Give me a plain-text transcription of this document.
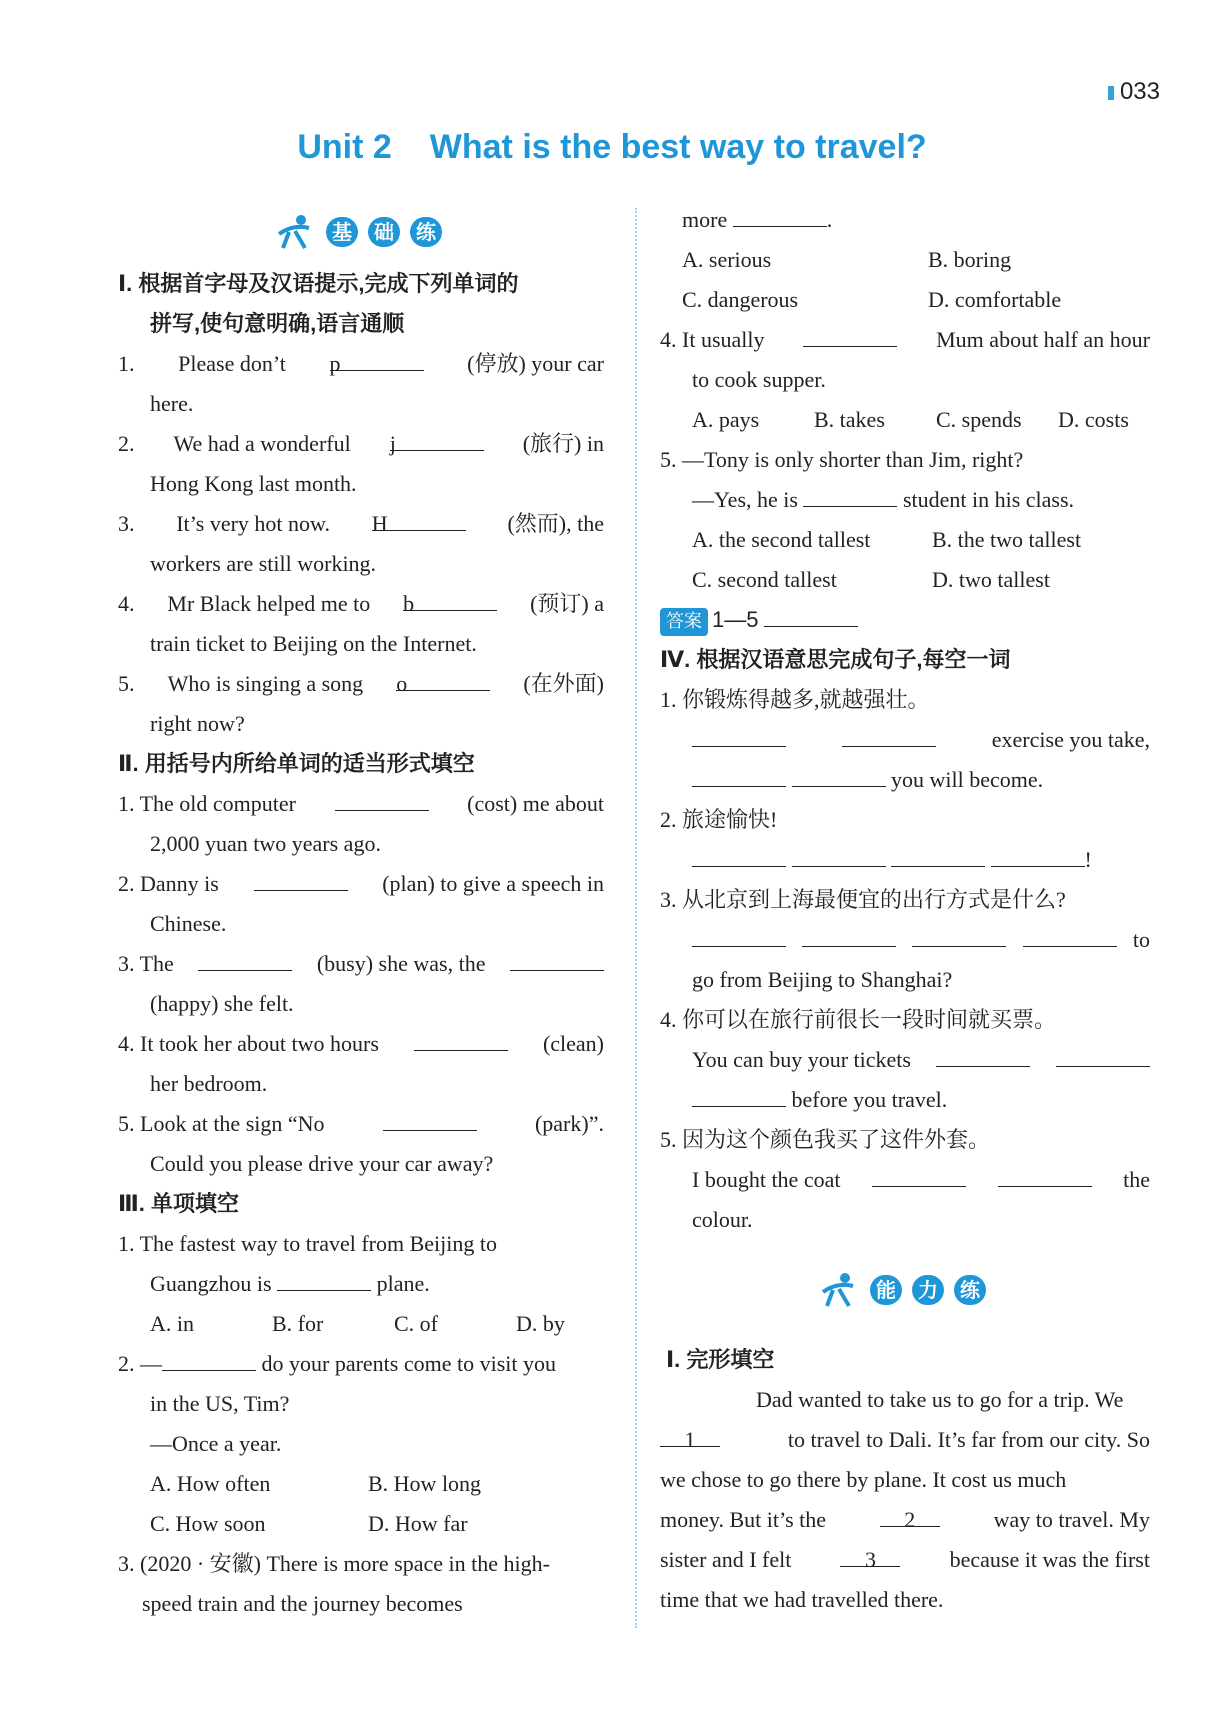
033
Unit 2 What is the best way to travel?
基	础	练
Ⅰ. 根据首字母及汉语提示,完成下列单词的
拼写,使句意明确,语言通顺
1. Please don’t p	(停放) your car
here.
2. We had a wonderful j	(旅行) in
Hong Kong last month.
3. It’s very hot now. H	(然而), the
workers are still working.
4. Mr Black helped me to b	(预订) a
train ticket to Beijing on the Internet.
5. Who is singing a song o	(在外面)
right now?
Ⅱ. 用括号内所给单词的适当形式填空
1. The old computer	(cost) me about
2,000 yuan two years ago.
2. Danny is	(plan) to give a speech in
Chinese.
3. The	(busy) she was, the
(happy) she felt.
4. It took her about two hours	(clean)
her bedroom.
5. Look at the sign “No	(park)”.
Could you please drive your car away?
Ⅲ. 单项填空
1. The fastest way to travel from Beijing to
Guangzhou is	plane.
A. in	B. for	C. of	D. by
2. —	do your parents come to visit you
in the US, Tim?
—Once a year.
A. How often	B. How long
C. How soon	D. How far
3. (2020 · 安徽) There is more space in the high-
speed train and the journey becomes
more	.
A. serious	B. boring
C. dangerous	D. comfortable
4. It usually	Mum about half an hour
to cook supper.
A. pays	B. takes	C. spends	D. costs
5. —Tony is only shorter than Jim, right?
—Yes, he is	student in his class.
A. the second tallest	B. the two tallest
C. second tallest	D. two tallest
答案 1—5
Ⅳ. 根据汉语意思完成句子,每空一词
1. 你锻炼得越多,就越强壮。
exercise you take,
you will become.
2. 旅途愉快!
!
3. 从北京到上海最便宜的出行方式是什么?
to
go from Beijing to Shanghai?
4. 你可以在旅行前很长一段时间就买票。
You can buy your tickets
before you travel.
5. 因为这个颜色我买了这件外套。
I bought the coat	the
colour.
能	力	练
Ⅰ. 完形填空
Dad wanted to take us to go for a trip. We
1	to travel to Dali. It’s far from our city. So
we chose to go there by plane. It cost us much
money. But it’s the	2	way to travel. My
sister and I felt	3	because it was the first
time that we had travelled there.
